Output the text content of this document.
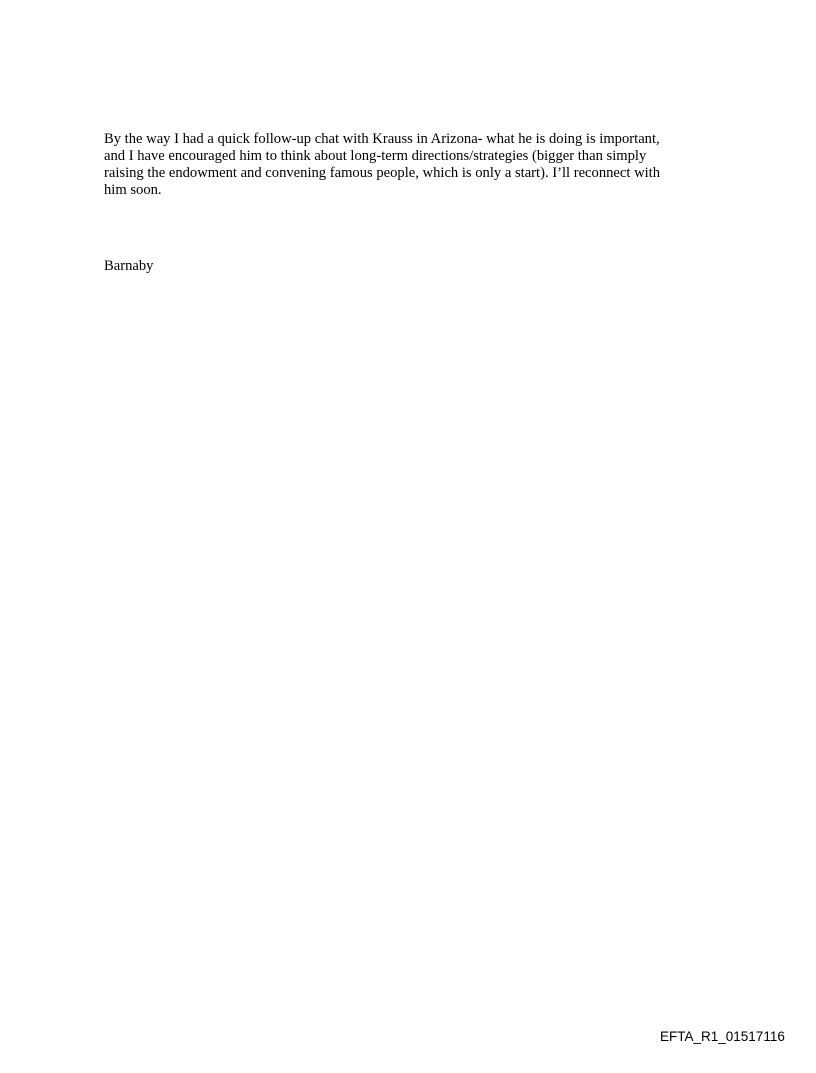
By the way I had a quick follow-up chat with Krauss in Arizona- what he is doing is important,
and I have encouraged him to think about long-term directions/strategies (bigger than simply
raising the endowment and convening famous people, which is only a start). I’ll reconnect with
him soon.

Barnaby

EFTA_R1_01517116
